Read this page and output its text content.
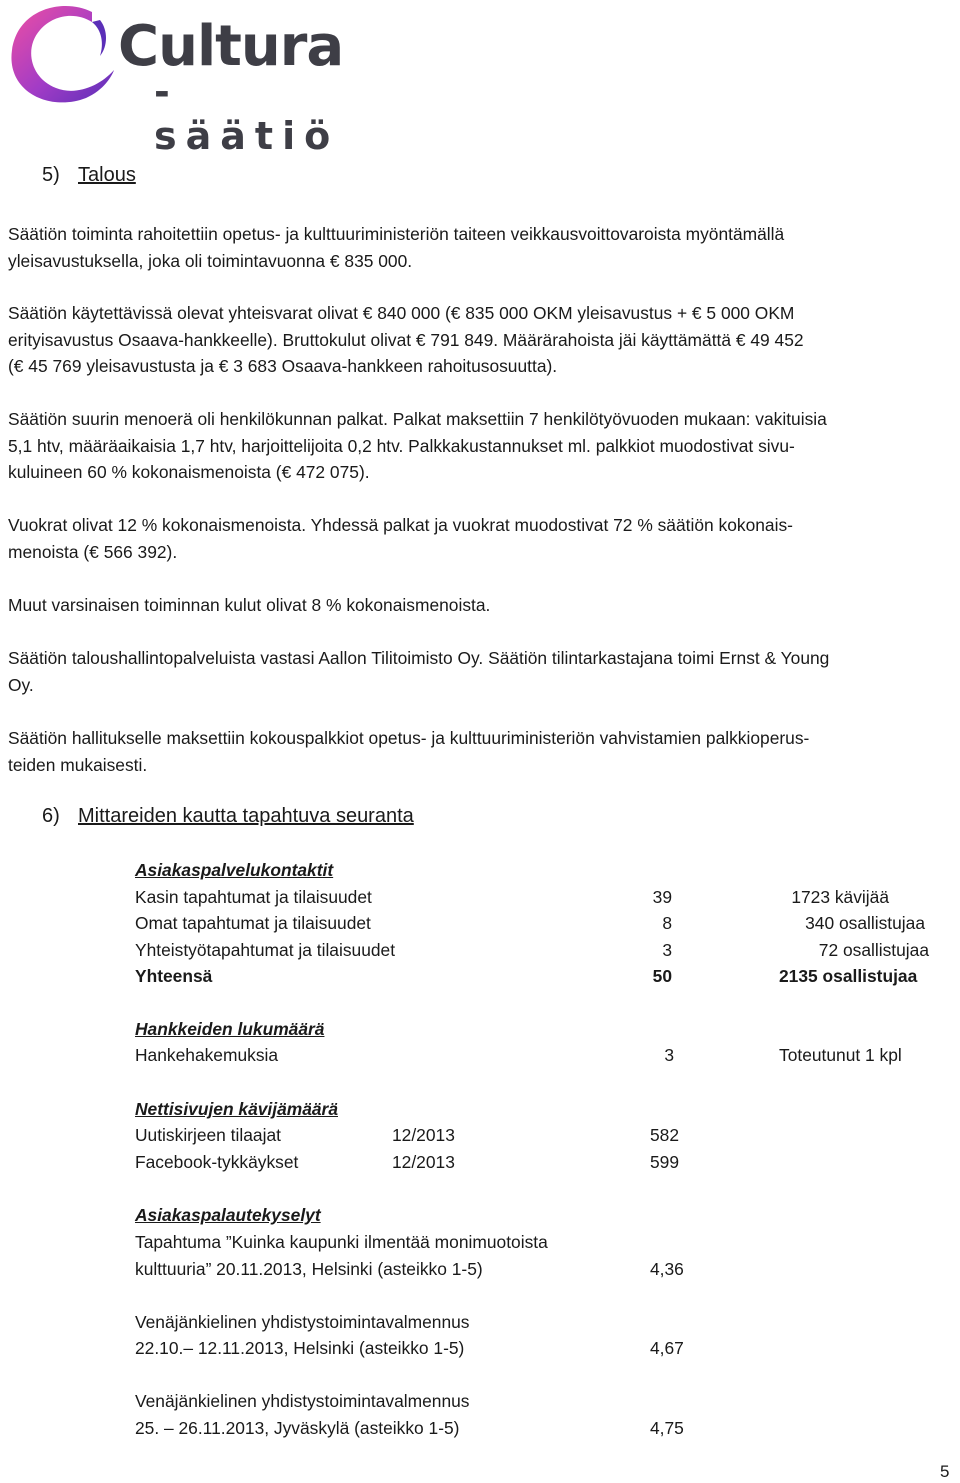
Cultura
-säätiö
5) Talous
Säätiön toiminta rahoitettiin opetus- ja kulttuuriministeriön taiteen veikkausvoittovaroista myöntämällä
yleisavustuksella, joka oli toimintavuonna € 835 000.
Säätiön käytettävissä olevat yhteisvarat olivat € 840 000 (€ 835 000 OKM yleisavustus + € 5 000 OKM
erityisavustus Osaava-hankkeelle). Bruttokulut olivat € 791 849. Määrärahoista jäi käyttämättä € 49 452
(€ 45 769 yleisavustusta ja € 3 683 Osaava-hankkeen rahoitusosuutta).
Säätiön suurin menoerä oli henkilökunnan palkat. Palkat maksettiin 7 henkilötyövuoden mukaan: vakituisia
5,1 htv, määräaikaisia 1,7 htv, harjoittelijoita 0,2 htv. Palkkakustannukset ml. palkkiot muodostivat sivu-
kuluineen 60 % kokonaismenoista (€ 472 075).
Vuokrat olivat 12 % kokonaismenoista. Yhdessä palkat ja vuokrat muodostivat 72 % säätiön kokonais-
menoista (€ 566 392).
Muut varsinaisen toiminnan kulut olivat 8 % kokonaismenoista.
Säätiön taloushallintopalveluista vastasi Aallon Tilitoimisto Oy. Säätiön tilintarkastajana toimi Ernst & Young
Oy.
Säätiön hallitukselle maksettiin kokouspalkkiot opetus- ja kulttuuriministeriön vahvistamien palkkioperus-
teiden mukaisesti.
6) Mittareiden kautta tapahtuva seuranta
Asiakaspalvelukontaktit
Kasin tapahtumat ja tilaisuudet	39	1723 kävijää
Omat tapahtumat ja tilaisuudet	8	340 osallistujaa
Yhteistyötapahtumat ja tilaisuudet	3	72 osallistujaa
Yhteensä	50	2135 osallistujaa
Hankkeiden lukumäärä
Hankehakemuksia	3	Toteutunut 1 kpl
Nettisivujen kävijämäärä
Uutiskirjeen tilaajat	12/2013	582
Facebook-tykkäykset	12/2013	599
Asiakaspalautekyselyt
Tapahtuma ”Kuinka kaupunki ilmentää monimuotoista
kulttuuria” 20.11.2013, Helsinki (asteikko 1-5)	4,36
Venäjänkielinen yhdistystoimintavalmennus
22.10.– 12.11.2013, Helsinki (asteikko 1-5)	4,67
Venäjänkielinen yhdistystoimintavalmennus
25. – 26.11.2013, Jyväskylä (asteikko 1-5)	4,75
5
